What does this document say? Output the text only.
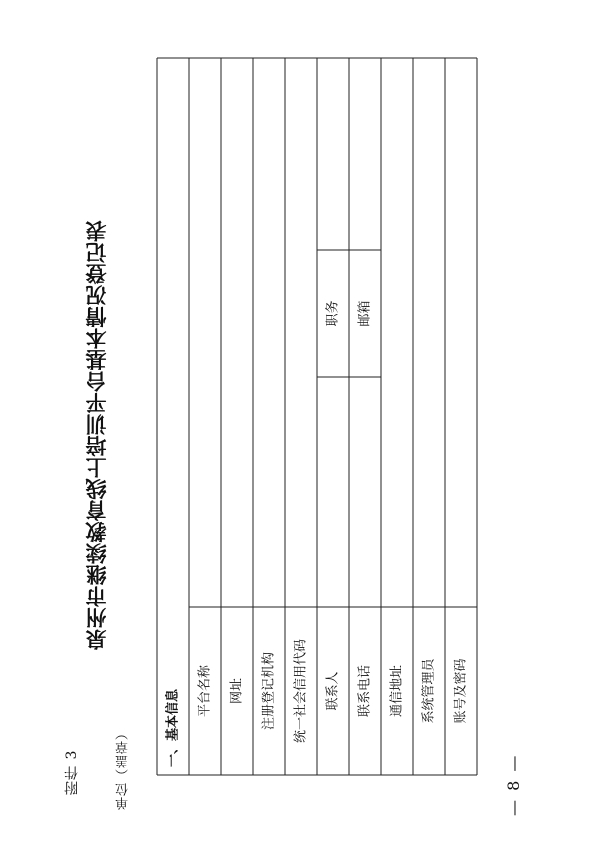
附件 3
泉州市继续教育线上培训平台基本情况登记表
单位（盖章）	一、基本信息 平台名称 网址 注册登记机构 统一社会信用代码 联系人
职务
联系电话
邮箱
通信地址 系统管理员 账号及密码
— 8 —
